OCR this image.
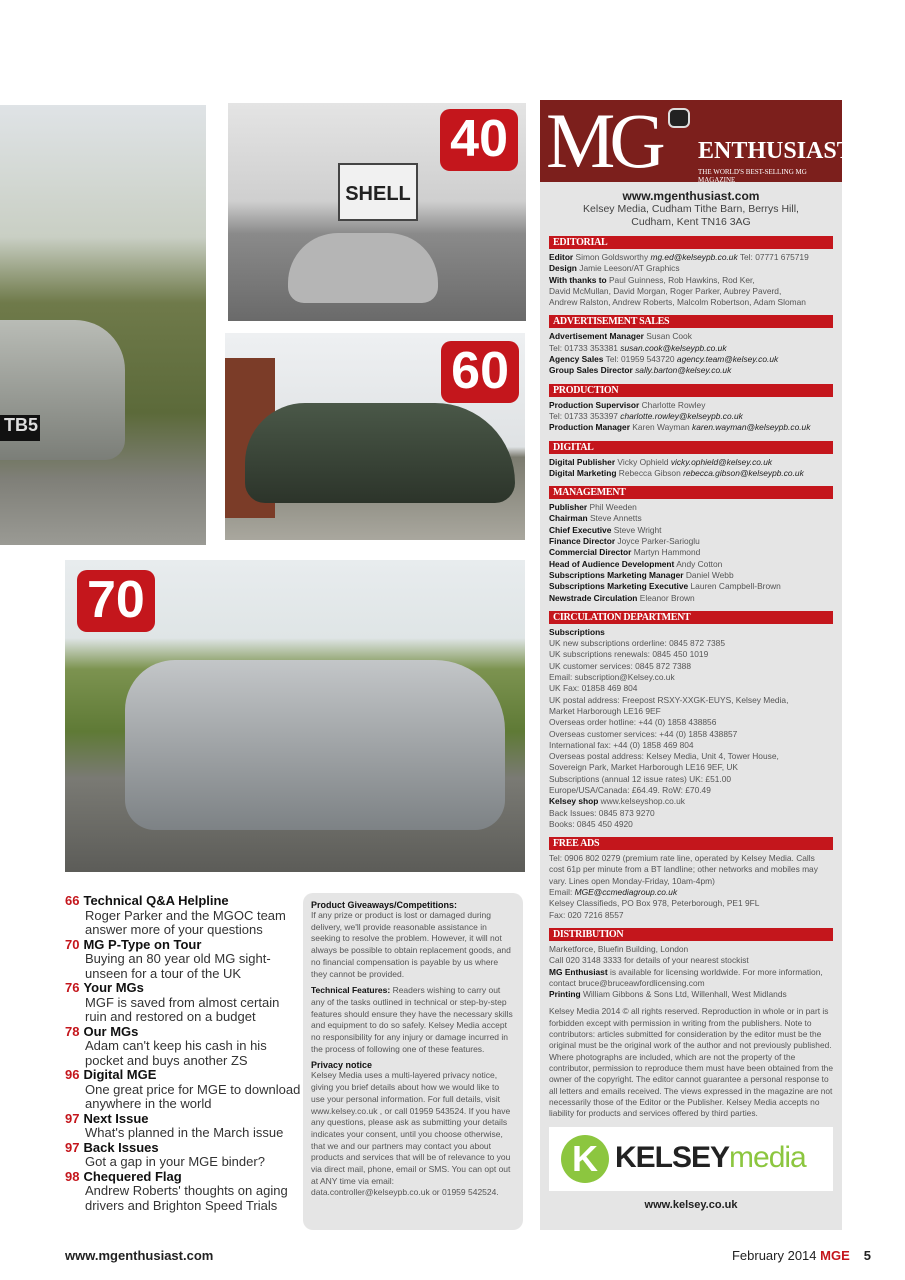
TB5
SHELL
40
60
70
MG ENTHUSIAST
THE WORLD'S BEST-SELLING MG MAGAZINE
www.mgenthusiast.com
Kelsey Media, Cudham Tithe Barn, Berrys Hill,
Cudham, Kent TN16 3AG
EDITORIAL
Editor Simon Goldsworthy mg.ed@kelseypb.co.uk Tel: 07771 675719
Design Jamie Leeson/AT Graphics
With thanks to Paul Guinness, Rob Hawkins, Rod Ker,
David McMullan, David Morgan, Roger Parker, Aubrey Paverd,
Andrew Ralston, Andrew Roberts, Malcolm Robertson, Adam Sloman
ADVERTISEMENT SALES
Advertisement Manager Susan Cook
Tel: 01733 353381 susan.cook@kelseypb.co.uk
Agency Sales Tel: 01959 543720 agency.team@kelsey.co.uk
Group Sales Director sally.barton@kelsey.co.uk
PRODUCTION
Production Supervisor Charlotte Rowley
Tel: 01733 353397 charlotte.rowley@kelseypb.co.uk
Production Manager Karen Wayman karen.wayman@kelseypb.co.uk
DIGITAL
Digital Publisher Vicky Ophield vicky.ophield@kelsey.co.uk
Digital Marketing Rebecca Gibson rebecca.gibson@kelseypb.co.uk
MANAGEMENT
Publisher Phil Weeden
Chairman Steve Annetts
Chief Executive Steve Wright
Finance Director Joyce Parker-Sarioglu
Commercial Director Martyn Hammond
Head of Audience Development Andy Cotton
Subscriptions Marketing Manager Daniel Webb
Subscriptions Marketing Executive Lauren Campbell-Brown
Newstrade Circulation Eleanor Brown
CIRCULATION DEPARTMENT
Subscriptions
UK new subscriptions orderline: 0845 872 7385
UK subscriptions renewals: 0845 450 1019
UK customer services: 0845 872 7388
Email: subscription@Kelsey.co.uk
UK Fax: 01858 469 804
UK postal address: Freepost RSXY-XXGK-EUYS, Kelsey Media,
Market Harborough LE16 9EF
Overseas order hotline: +44 (0) 1858 438856
Overseas customer services: +44 (0) 1858 438857
International fax: +44 (0) 1858 469 804
Overseas postal address: Kelsey Media, Unit 4, Tower House,
Sovereign Park, Market Harborough LE16 9EF, UK
Subscriptions (annual 12 issue rates) UK: £51.00
Europe/USA/Canada: £64.49. RoW: £70.49
Kelsey shop www.kelseyshop.co.uk
Back Issues: 0845 873 9270
Books: 0845 450 4920
FREE ADS
Tel: 0906 802 0279 (premium rate line, operated by Kelsey Media. Calls
cost 61p per minute from a BT landline; other networks and mobiles may
vary. Lines open Monday-Friday, 10am-4pm)
Email: MGE@ccmediagroup.co.uk
Kelsey Classifieds, PO Box 978, Peterborough, PE1 9FL
Fax: 020 7216 8557
DISTRIBUTION
Marketforce, Bluefin Building, London
Call 020 3148 3333 for details of your nearest stockist
MG Enthusiast is available for licensing worldwide. For more information,
contact bruce@bruceawfordlicensing.com
Printing William Gibbons & Sons Ltd, Willenhall, West Midlands
Kelsey Media 2014 © all rights reserved. Reproduction in whole or in part is forbidden except with permission in writing from the publishers. Note to contributors: articles submitted for consideration by the editor must be the original must be the original work of the author and not previously published. Where photographs are included, which are not the property of the contributor, permission to reproduce them must have been obtained from the owner of the copyright. The editor cannot guarantee a personal response to all letters and emails received. The views expressed in the magazine are not necessarily those of the Editor or the Publisher. Kelsey Media accepts no liability for products and services offered by third parties.
K KELSEYmedia
www.kelsey.co.uk
66 Technical Q&A Helpline
Roger Parker and the MGOC team answer more of your questions
70 MG P-Type on Tour
Buying an 80 year old MG sight-unseen for a tour of the UK
76 Your MGs
MGF is saved from almost certain ruin and restored on a budget
78 Our MGs
Adam can't keep his cash in his pocket and buys another ZS
96 Digital MGE
One great price for MGE to download anywhere in the world
97 Next Issue
What's planned in the March issue
97 Back Issues
Got a gap in your MGE binder?
98 Chequered Flag
Andrew Roberts' thoughts on aging drivers and Brighton Speed Trials
Product Giveaways/Competitions:

If any prize or product is lost or damaged during delivery, we'll provide reasonable assistance in seeking to resolve the problem. However, it will not always be possible to obtain replacement goods, and no financial compensation is payable by us where they cannot be provided.

Technical Features: Readers wishing to carry out any of the tasks outlined in technical or step-by-step features should ensure they have the necessary skills and equipment to do so safely. Kelsey Media accept no responsibility for any injury or damage incurred in the process of following one of these features.

Privacy notice

Kelsey Media uses a multi-layered privacy notice, giving you brief details about how we would like to use your personal information. For full details, visit www.kelsey.co.uk , or call 01959 543524. If you have any questions, please ask as submitting your details indicates your consent, until you choose otherwise, that we and our partners may contact you about products and services that will be of relevance to you via direct mail, phone, email or SMS. You can opt out at ANY time via email: data.controller@kelseypb.co.uk or 01959 542524.

www.mgenthusiast.com	February 2014 MGE 5
